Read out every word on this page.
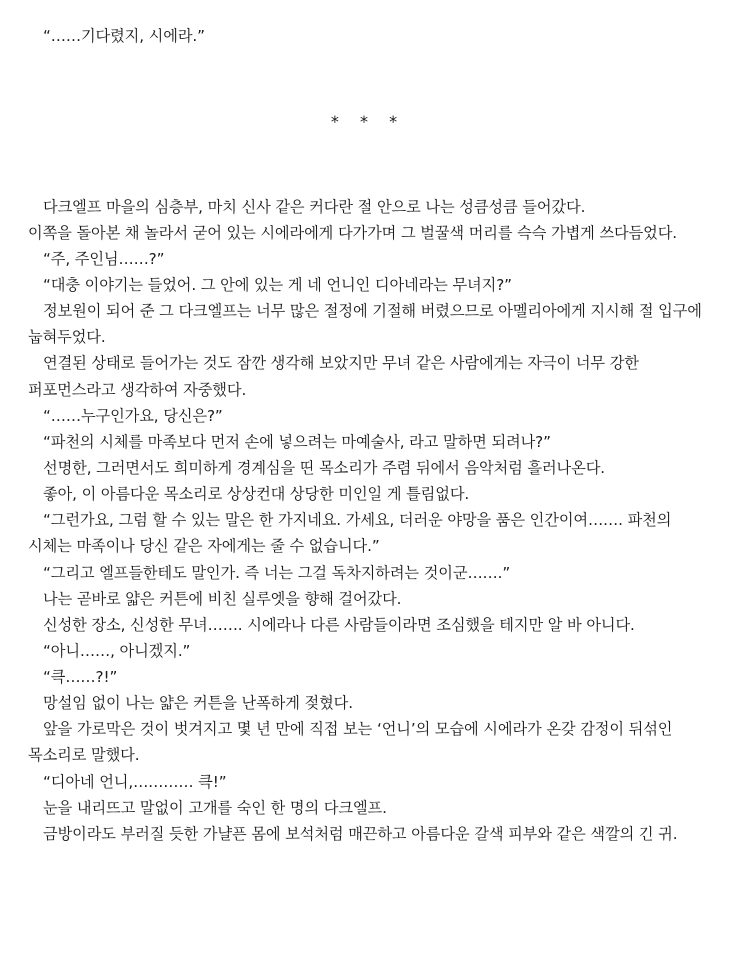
“……기다렸지, 시에라.”

* * *

다크엘프 마을의 심층부, 마치 신사 같은 커다란 절 안으로 나는 성큼성큼 들어갔다.

이쪽을 돌아본 채 놀라서 굳어 있는 시에라에게 다가가며 그 벌꿀색 머리를 슥슥 가볍게 쓰다듬었다.

“주, 주인님……?”

“대충 이야기는 들었어. 그 안에 있는 게 네 언니인 디아네라는 무녀지?”

정보원이 되어 준 그 다크엘프는 너무 많은 절정에 기절해 버렸으므로 아멜리아에게 지시해 절 입구에 눕혀두었다.

연결된 상태로 들어가는 것도 잠깐 생각해 보았지만 무녀 같은 사람에게는 자극이 너무 강한 퍼포먼스라고 생각하여 자중했다.

“……누구인가요, 당신은?”

“파천의 시체를 마족보다 먼저 손에 넣으려는 마예술사, 라고 말하면 되려나?”

선명한, 그러면서도 희미하게 경계심을 띤 목소리가 주렴 뒤에서 음악처럼 흘러나온다.

좋아, 이 아름다운 목소리로 상상컨대 상당한 미인일 게 틀림없다.

“그런가요, 그럼 할 수 있는 말은 한 가지네요. 가세요, 더러운 야망을 품은 인간이여……. 파천의 시체는 마족이나 당신 같은 자에게는 줄 수 없습니다.”

“그리고 엘프들한테도 말인가. 즉 너는 그걸 독차지하려는 것이군…….”

나는 곧바로 얇은 커튼에 비친 실루엣을 향해 걸어갔다.

신성한 장소, 신성한 무녀……. 시에라나 다른 사람들이라면 조심했을 테지만 알 바 아니다.

“아니……, 아니겠지.”

“큭……?!”

망설임 없이 나는 얇은 커튼을 난폭하게 젖혔다.

앞을 가로막은 것이 벗겨지고 몇 년 만에 직접 보는 ‘언니’의 모습에 시에라가 온갖 감정이 뒤섞인 목소리로 말했다.

“디아네 언니,………… 큭!”

눈을 내리뜨고 말없이 고개를 숙인 한 명의 다크엘프.

금방이라도 부러질 듯한 가냘픈 몸에 보석처럼 매끈하고 아름다운 갈색 피부와 같은 색깔의 긴 귀.
